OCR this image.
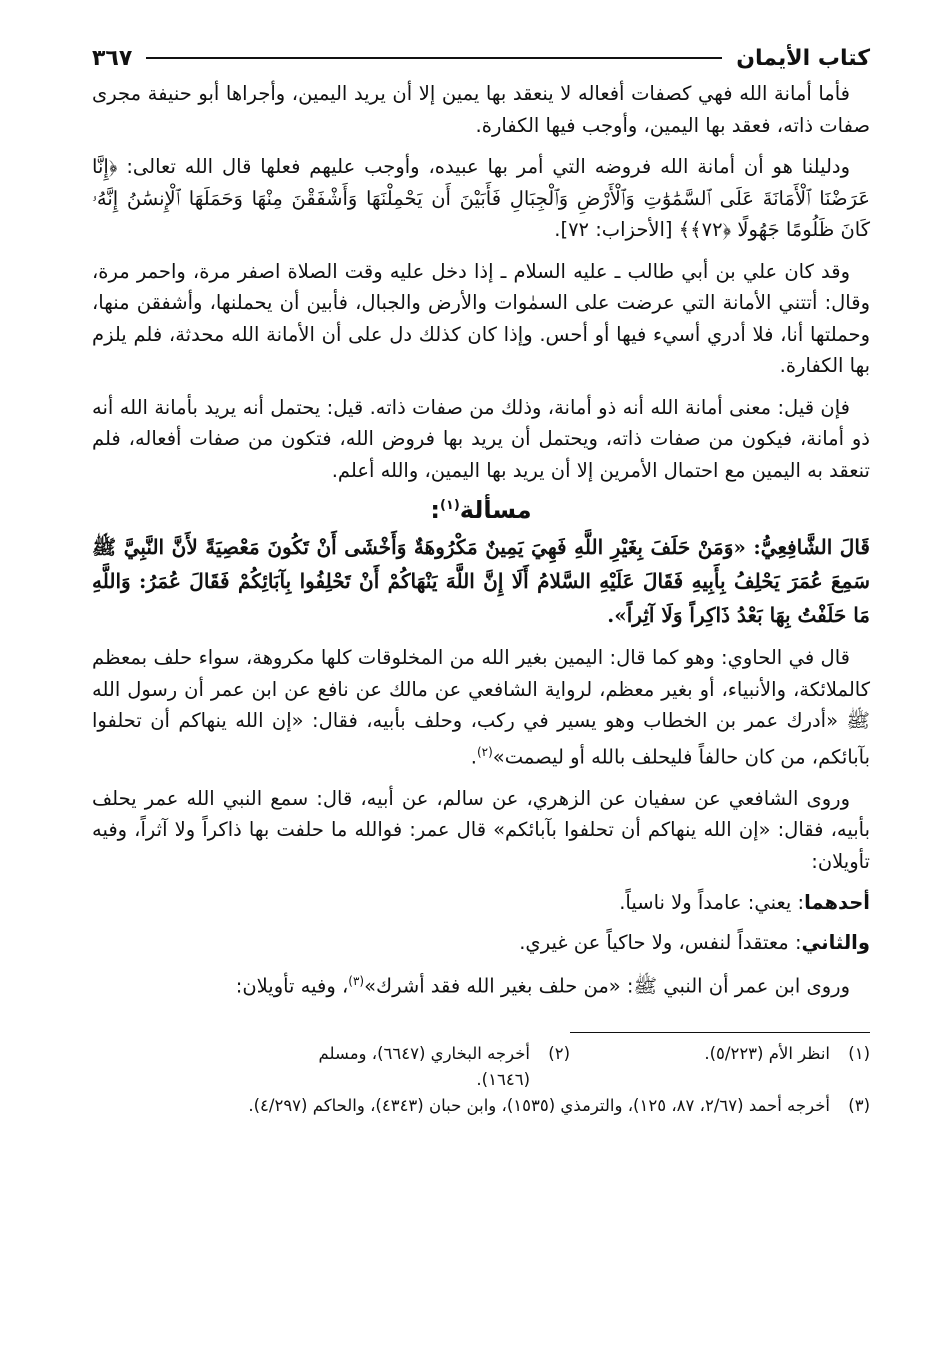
كتاب الأيمان
٣٦٧

فأما أمانة الله فهي كصفات أفعاله لا ينعقد بها يمين إلا أن يريد اليمين، وأجراها أبو حنيفة مجرى صفات ذاته، فعقد بها اليمين، وأوجب فيها الكفارة.

ودليلنا هو أن أمانة الله فروضه التي أمر بها عبيده، وأوجب عليهم فعلها قال الله تعالى: ﴿إِنَّا عَرَضْنَا ٱلْأَمَانَةَ عَلَى ٱلسَّمَٰوَٰتِ وَٱلْأَرْضِ وَٱلْجِبَالِ فَأَبَيْنَ أَن يَحْمِلْنَهَا وَأَشْفَقْنَ مِنْهَا وَحَمَلَهَا ٱلْإِنسَٰنُ إِنَّهُۥ كَانَ ظَلُومًا جَهُولًا ﴿٧٢﴾﴾ [الأحزاب: ٧٢].

وقد كان علي بن أبي طالب ـ عليه السلام ـ إذا دخل عليه وقت الصلاة اصفر مرة، واحمر مرة، وقال: أتتني الأمانة التي عرضت على السمٰوات والأرض والجبال، فأبين أن يحملنها، وأشفقن منها، وحملتها أنا، فلا أدري أسيء فيها أو أحس. وإذا كان كذلك دل على أن الأمانة الله محدثة، فلم يلزم بها الكفارة.

فإن قيل: معنى أمانة الله أنه ذو أمانة، وذلك من صفات ذاته. قيل: يحتمل أنه يريد بأمانة الله أنه ذو أمانة، فيكون من صفات ذاته، ويحتمل أن يريد بها فروض الله، فتكون من صفات أفعاله، فلم تنعقد به اليمين مع احتمال الأمرين إلا أن يريد بها اليمين، والله أعلم.

مسألة$^{(١)}$:

قَالَ الشَّافِعِيُّ: «وَمَنْ حَلَفَ بِغَيْرِ اللَّهِ فَهِيَ يَمِينٌ مَكْرُوهَةٌ وَأَخْشَى أَنْ تَكُونَ مَعْصِيَةً لأَنَّ النَّبِيَّ ﷺ سَمِعَ عُمَرَ يَحْلِفُ بِأَبِيهِ فَقَالَ عَلَيْهِ السَّلامُ أَلَا إِنَّ اللَّهَ يَنْهَاكُمْ أَنْ تَحْلِفُوا بِآبَائِكُمْ فَقَالَ عُمَرُ: وَاللَّهِ مَا حَلَفْتُ بِهَا بَعْدُ ذَاكِراً وَلَا آثِراً».

قال في الحاوي: وهو كما قال: اليمين بغير الله من المخلوقات كلها مكروهة، سواء حلف بمعظم كالملائكة، والأنبياء، أو بغير معظم، لرواية الشافعي عن مالك عن نافع عن ابن عمر أن رسول الله ﷺ «أدرك عمر بن الخطاب وهو يسير في ركب، وحلف بأبيه، فقال: «إن الله ينهاكم أن تحلفوا بآبائكم، من كان حالفاً فليحلف بالله أو ليصمت»$^{(٢)}$.

وروى الشافعي عن سفيان عن الزهري، عن سالم، عن أبيه، قال: سمع النبي الله عمر يحلف بأبيه، فقال: «إن الله ينهاكم أن تحلفوا بآبائكم» قال عمر: فوالله ما حلفت بها ذاكراً ولا آثراً، وفيه تأويلان:

أحدهما: يعني: عامداً ولا ناسياً.
والثاني: معتقداً لنفس، ولا حاكياً عن غيري.

وروى ابن عمر أن النبي ﷺ: «من حلف بغير الله فقد أشرك»$^{(٣)}$، وفيه تأويلان:

(١)
انظر الأم (٥/٢٢٣).
(٢)
أخرجه البخاري (٦٦٤٧)، ومسلم (١٦٤٦).
(٣)
أخرجه أحمد (٢/٦٧، ٨٧، ١٢٥)، والترمذي (١٥٣٥)، وابن حبان (٤٣٤٣)، والحاكم (٤/٢٩٧).
